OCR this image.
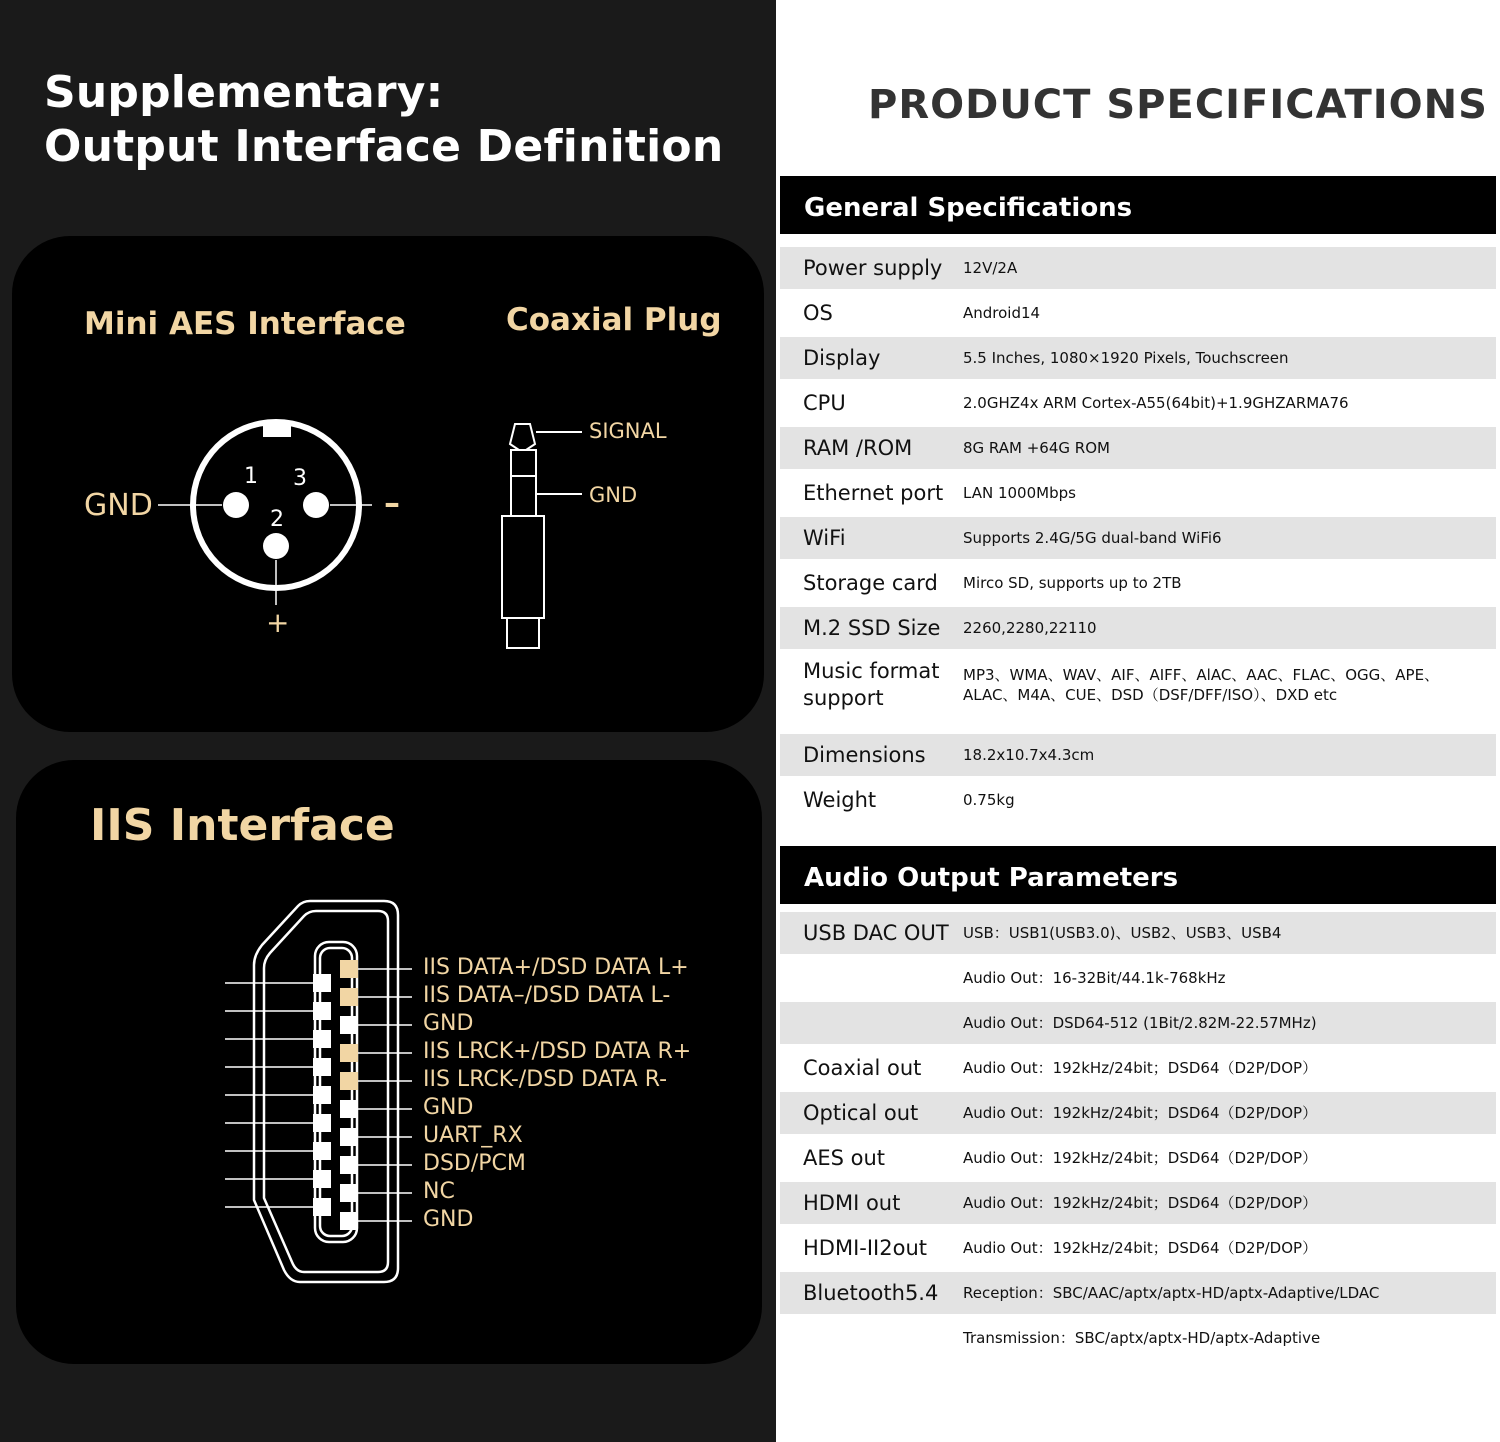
Supplementary:
Output Interface Definition
Mini AES Interface	Coaxial Plug
IIS Interface
GND	–
+
1 3
2
SIGNAL
GND
IIS DATA+/DSD DATA L+
IIS DATA–/DSD DATA L-
GND
IIS LRCK+/DSD DATA R+
IIS LRCK-/DSD DATA R-
GND
UART_RX
DSD/PCM
NC
GND
PRODUCT SPECIFICATIONS
General Specifications
Power supply 12V/2A
OS	Android14
Display	5.5 Inches, 1080×1920 Pixels, Touchscreen
CPU	2.0GHZ4x ARM Cortex-A55(64bit)+1.9GHZARMA76
RAM /ROM	8G RAM +64G ROM
Ethernet port LAN 1000Mbps
WiFi	Supports 2.4G/5G dual-band WiFi6
Storage card Mirco SD, supports up to 2TB
M.2 SSD Size 2260,2280,22110
Music format support
MP3、WMA、WAV、AIF、AIFF、AlAC、AAC、FLAC、OGG、APE、ALAC、M4A、CUE、DSD（DSF/DFF/ISO）、DXD etc
Dimensions 18.2x10.7x4.3cm
Weight	0.75kg
Audio Output Parameters
USB DAC OUT USB：USB1(USB3.0)、USB2、USB3、USB4
Audio Out：16-32Bit/44.1k-768kHz
Audio Out：DSD64-512 (1Bit/2.82M-22.57MHz)
Coaxial out	Audio Out：192kHz/24bit；DSD64（D2P/DOP）
Optical out	Audio Out：192kHz/24bit；DSD64（D2P/DOP）
AES out	Audio Out：192kHz/24bit；DSD64（D2P/DOP）
HDMI out	Audio Out：192kHz/24bit；DSD64（D2P/DOP）
HDMI-II2out Audio Out：192kHz/24bit；DSD64（D2P/DOP）
Bluetooth5.4 Reception：SBC/AAC/aptx/aptx-HD/aptx-Adaptive/LDAC
Transmission：SBC/aptx/aptx-HD/aptx-Adaptive
